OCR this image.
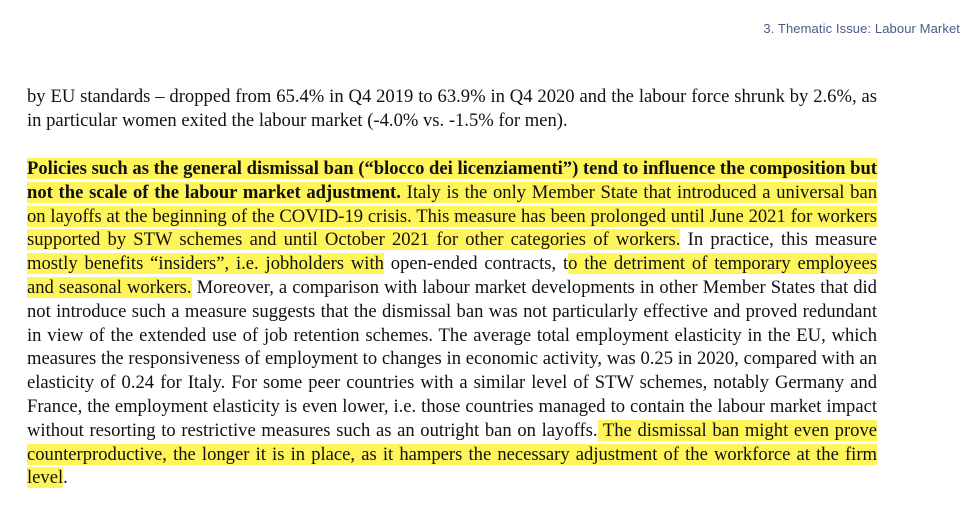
3. Thematic Issue: Labour Market

by EU standards – dropped from 65.4% in Q4 2019 to 63.9% in Q4 2020 and the labour force shrunk by 2.6%, as in particular women exited the labour market (-4.0% vs. -1.5% for men).

Policies such as the general dismissal ban (“blocco dei licenziamenti”) tend to influence the composition but not the scale of the labour market adjustment. Italy is the only Member State that introduced a universal ban on layoffs at the beginning of the COVID-19 crisis. This measure has been prolonged until June 2021 for workers supported by STW schemes and until October 2021 for other categories of workers. In practice, this measure mostly benefits “insiders”, i.e. jobholders with open-ended contracts, to the detriment of temporary employees and seasonal workers. Moreover, a comparison with labour market developments in other Member States that did not introduce such a measure suggests that the dismissal ban was not particularly effective and proved redundant in view of the extended use of job retention schemes. The average total employment elasticity in the EU, which measures the responsiveness of employment to changes in economic activity, was 0.25 in 2020, compared with an elasticity of 0.24 for Italy. For some peer countries with a similar level of STW schemes, notably Germany and France, the employment elasticity is even lower, i.e. those countries managed to contain the labour market impact without resorting to restrictive measures such as an outright ban on layoffs. The dismissal ban might even prove counterproductive, the longer it is in place, as it hampers the necessary adjustment of the workforce at the firm level.
